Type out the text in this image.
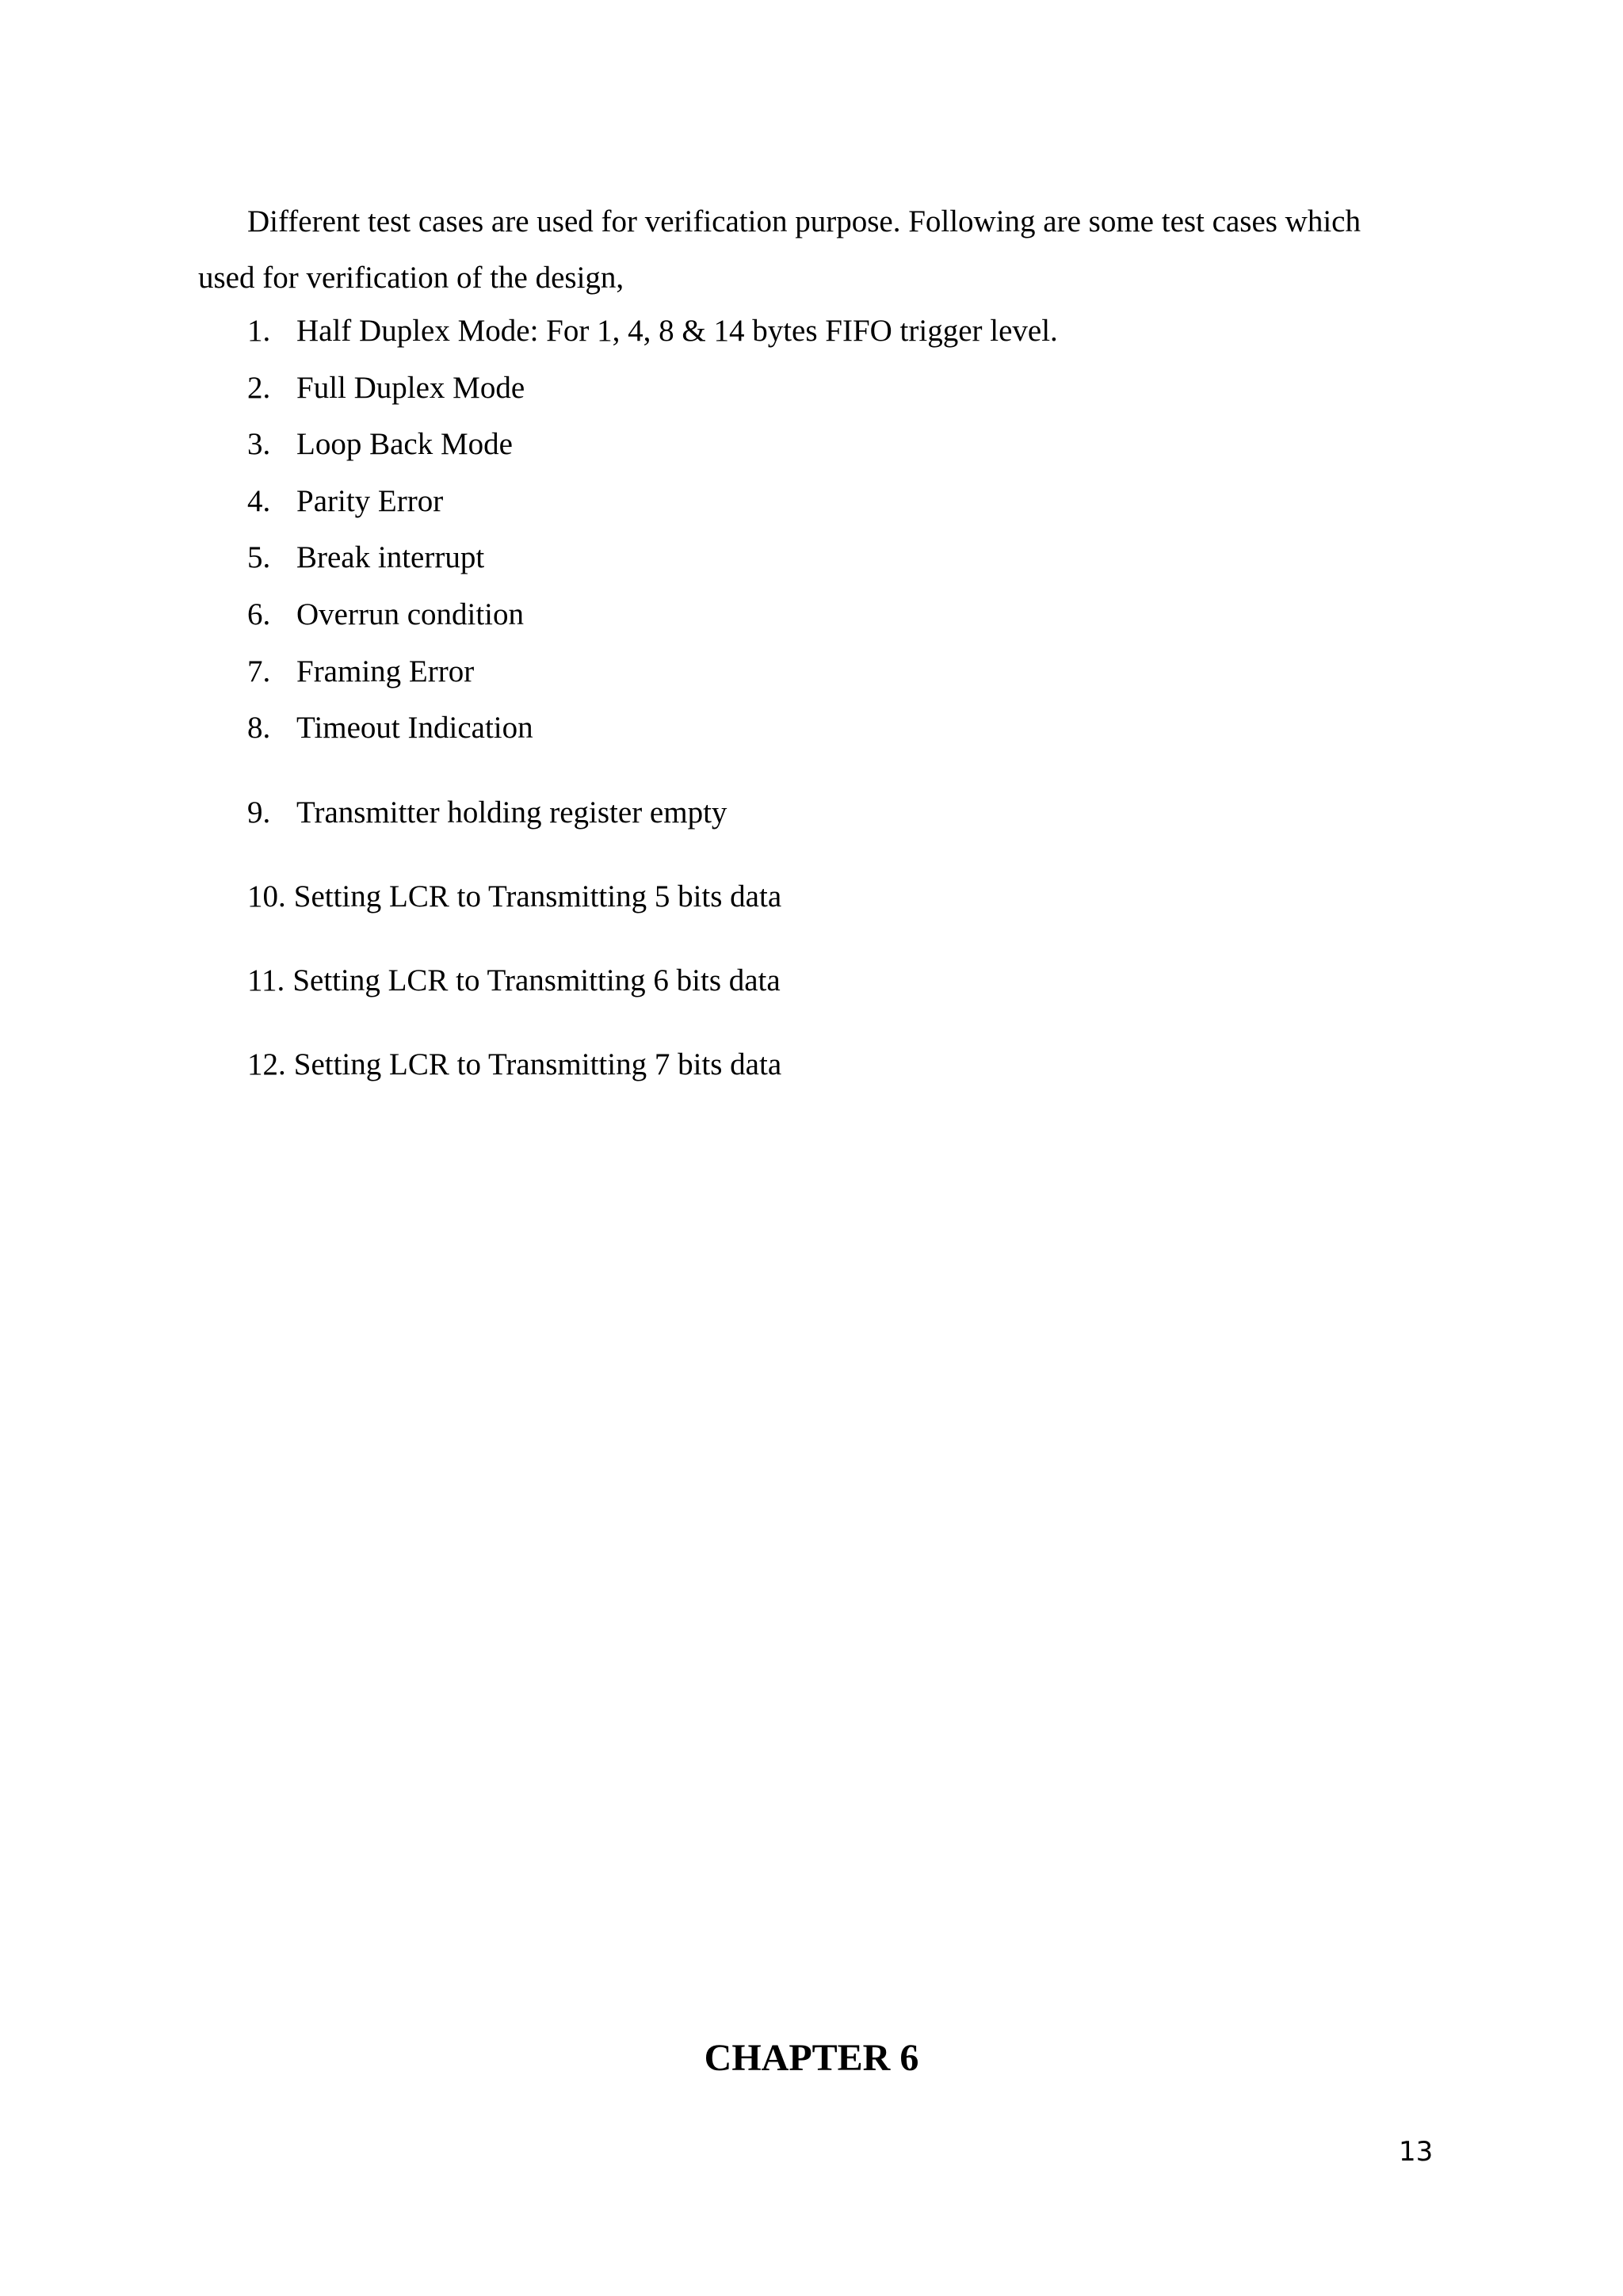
Different test cases are used for verification purpose. Following are some test cases which
used for verification of the design,

1. Half Duplex Mode: For 1, 4, 8 & 14 bytes FIFO trigger level.
2. Full Duplex Mode
3. Loop Back Mode
4. Parity Error
5. Break interrupt
6. Overrun condition
7. Framing Error
8. Timeout Indication
9. Transmitter holding register empty
10. Setting LCR to Transmitting 5 bits data
11. Setting LCR to Transmitting 6 bits data
12. Setting LCR to Transmitting 7 bits data
CHAPTER 6
13
